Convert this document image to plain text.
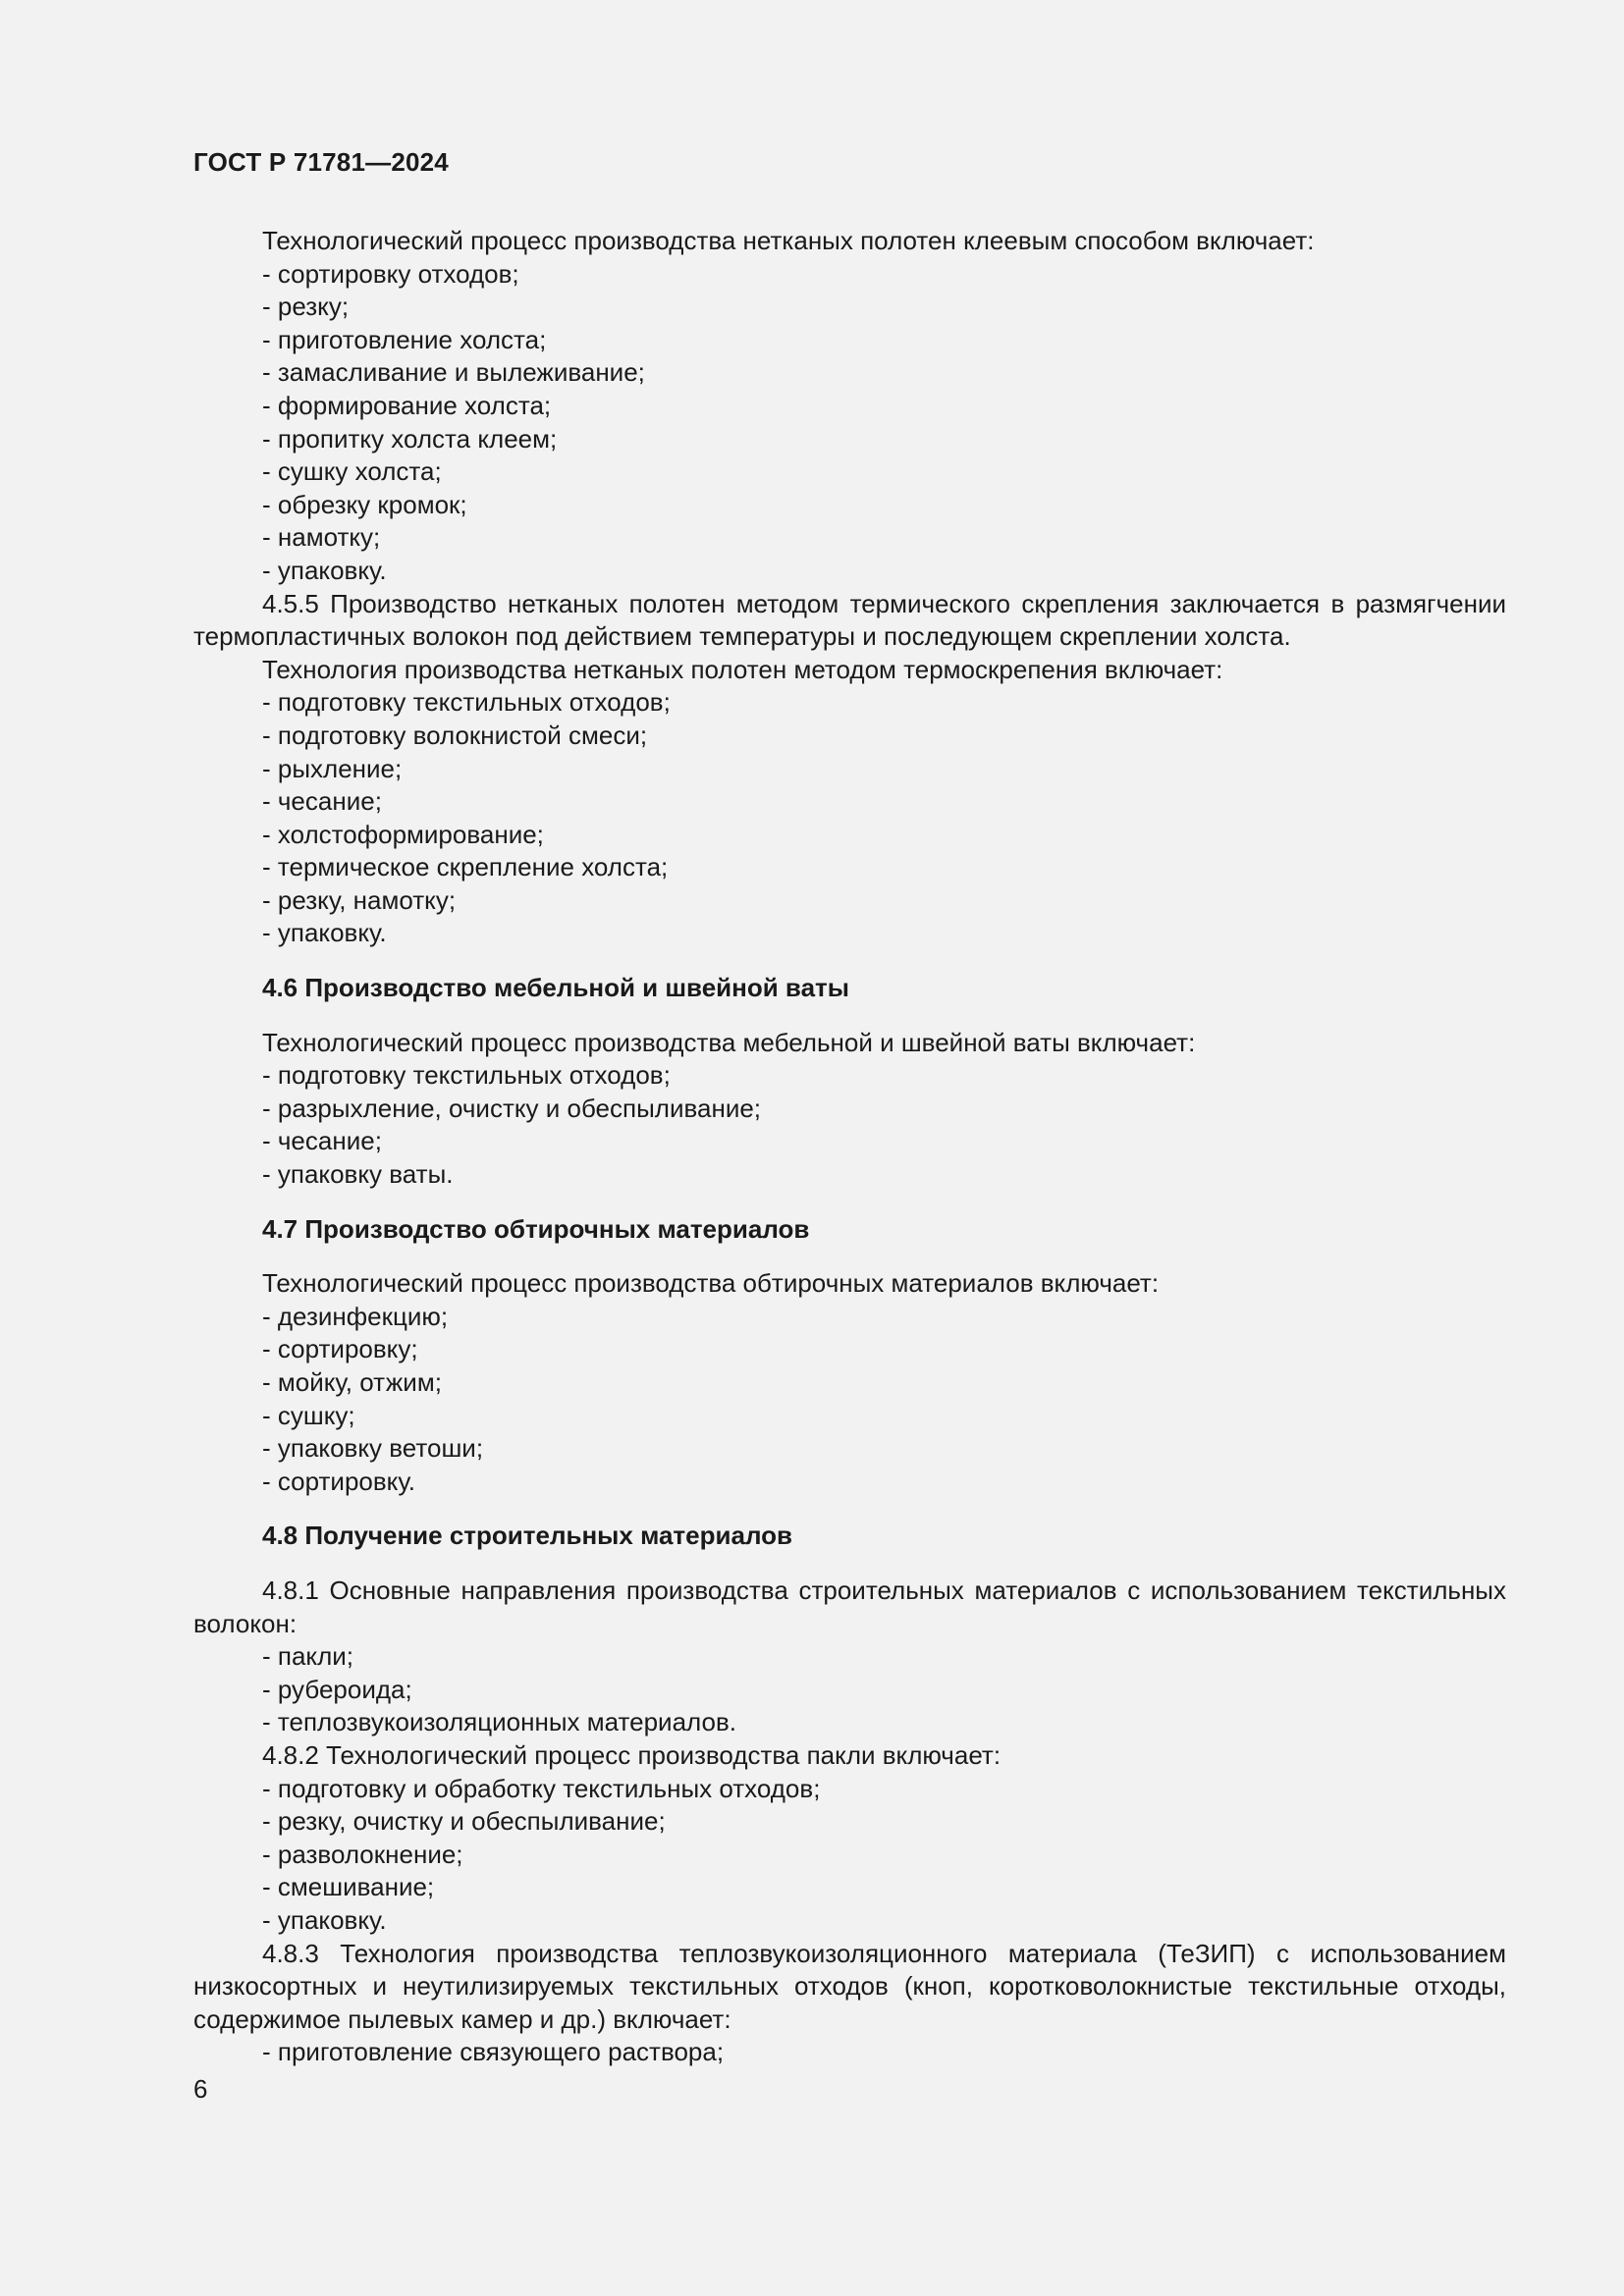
ГОСТ Р 71781—2024

Технологический процесс производства нетканых полотен клеевым способом включает:

- сортировку отходов;

- резку;

- приготовление холста;

- замасливание и вылеживание;

- формирование холста;

- пропитку холста клеем;

- сушку холста;

- обрезку кромок;

- намотку;

- упаковку.

4.5.5 Производство нетканых полотен методом термического скрепления заключается в размягчении термопластичных волокон под действием температуры и последующем скреплении холста.

Технология производства нетканых полотен методом термоскрепения включает:

- подготовку текстильных отходов;

- подготовку волокнистой смеси;

- рыхление;

- чесание;

- холстоформирование;

- термическое скрепление холста;

- резку, намотку;

- упаковку.

4.6 Производство мебельной и швейной ваты

Технологический процесс производства мебельной и швейной ваты включает:

- подготовку текстильных отходов;

- разрыхление, очистку и обеспыливание;

- чесание;

- упаковку ваты.

4.7 Производство обтирочных материалов

Технологический процесс производства обтирочных материалов включает:

- дезинфекцию;

- сортировку;

- мойку, отжим;

- сушку;

- упаковку ветоши;

- сортировку.

4.8 Получение строительных материалов

4.8.1 Основные направления производства строительных материалов с использованием текстильных волокон:

- пакли;

- рубероида;

- теплозвукоизоляционных материалов.

4.8.2 Технологический процесс производства пакли включает:

- подготовку и обработку текстильных отходов;

- резку, очистку и обеспыливание;

- разволокнение;

- смешивание;

- упаковку.

4.8.3 Технология производства теплозвукоизоляционного материала (ТеЗИП) с использованием низкосортных и неутилизируемых текстильных отходов (кноп, коротковолокнистые текстильные отходы, содержимое пылевых камер и др.) включает:

- приготовление связующего раствора;

6
